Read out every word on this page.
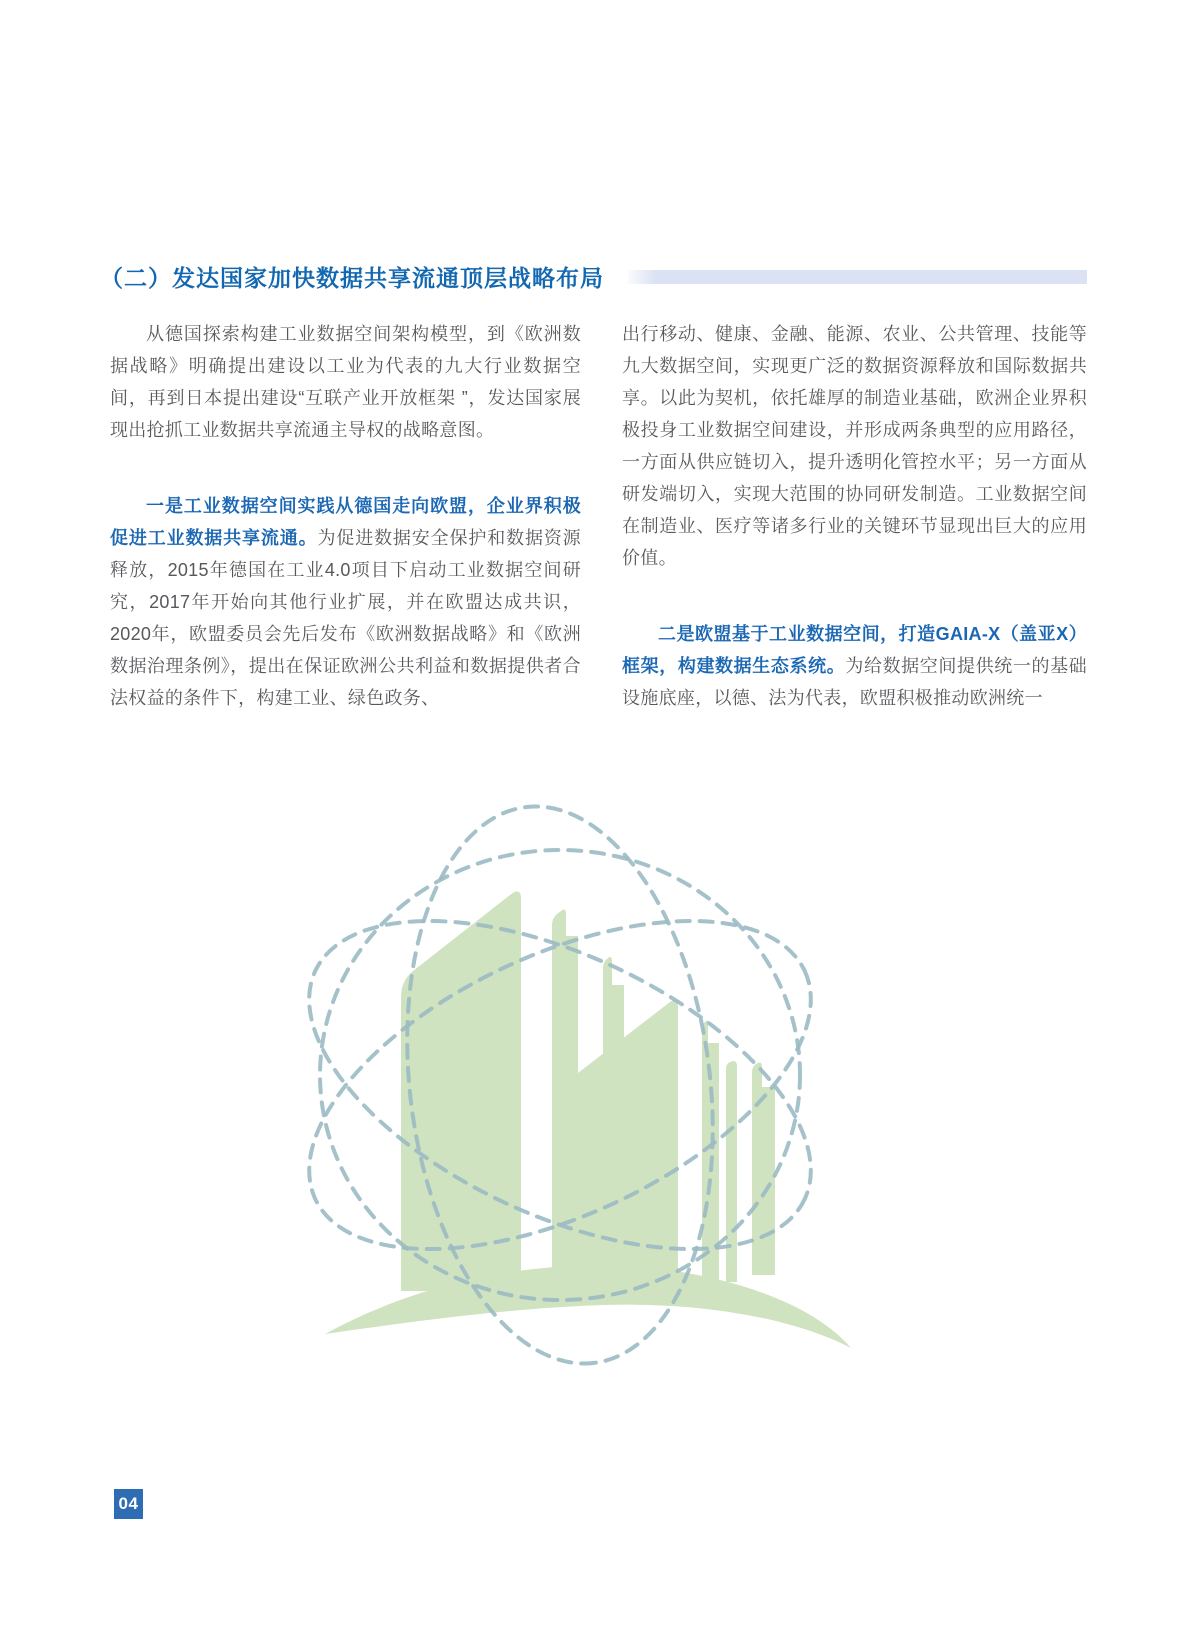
（二）发达国家加快数据共享流通顶层战略布局

从德国探索构建工业数据空间架构模型，到《欧洲数据战略》明确提出建设以工业为代表的九大行业数据空间，再到日本提出建设“互联产业开放框架 ”，发达国家展现出抢抓工业数据共享流通主导权的战略意图。

一是工业数据空间实践从德国走向欧盟，企业界积极促进工业数据共享流通。为促进数据安全保护和数据资源释放，2015年德国在工业4.0项目下启动工业数据空间研究，2017年开始向其他行业扩展，并在欧盟达成共识，2020年，欧盟委员会先后发布《欧洲数据战略》和《欧洲数据治理条例》，提出在保证欧洲公共利益和数据提供者合法权益的条件下，构建工业、绿色政务、

出行移动、健康、金融、能源、农业、公共管理、技能等九大数据空间，实现更广泛的数据资源释放和国际数据共享。以此为契机，依托雄厚的制造业基础，欧洲企业界积极投身工业数据空间建设，并形成两条典型的应用路径，一方面从供应链切入，提升透明化管控水平；另一方面从研发端切入，实现大范围的协同研发制造。工业数据空间在制造业、医疗等诸多行业的关键环节显现出巨大的应用价值。

二是欧盟基于工业数据空间，打造GAIA-X（盖亚X）框架，构建数据生态系统。为给数据空间提供统一的基础设施底座，以德、法为代表，欧盟积极推动欧洲统一

04
